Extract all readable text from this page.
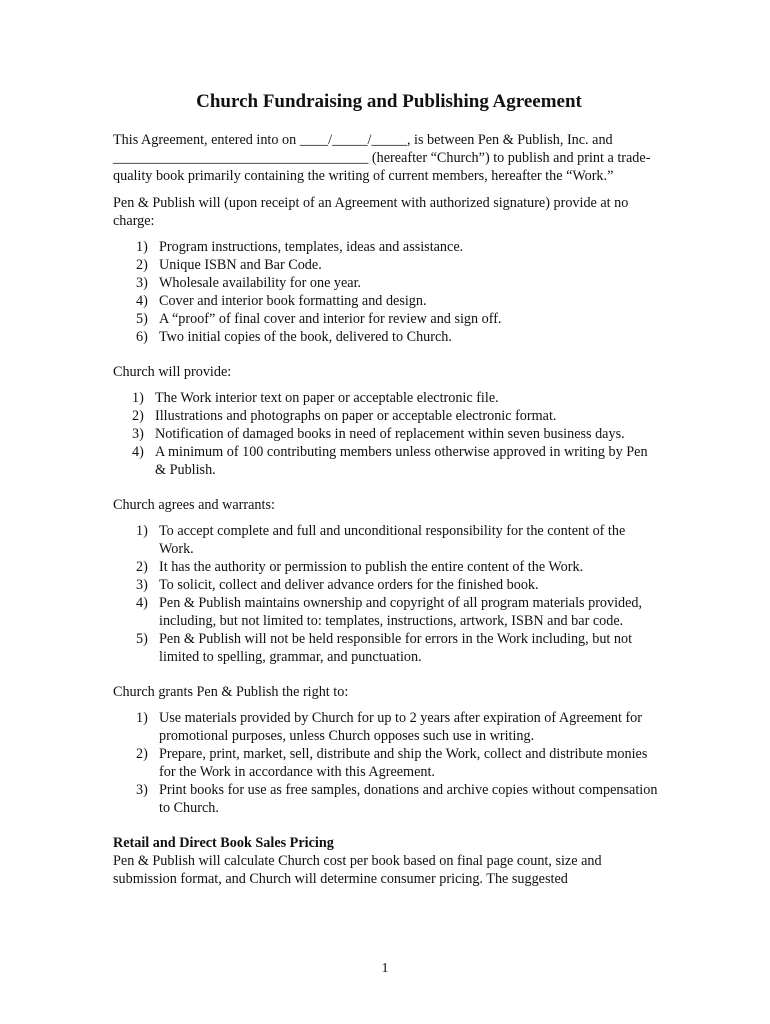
Church Fundraising and Publishing Agreement

This Agreement, entered into on ____/_____/_____, is between Pen & Publish, Inc. and ____________________________________ (hereafter “Church”) to publish and print a trade-quality book primarily containing the writing of current members, hereafter the “Work.”

Pen & Publish will (upon receipt of an Agreement with authorized signature) provide at no charge:

1) Program instructions, templates, ideas and assistance.
2) Unique ISBN and Bar Code.
3) Wholesale availability for one year.
4) Cover and interior book formatting and design.
5) A “proof” of final cover and interior for review and sign off.
6) Two initial copies of the book, delivered to Church.

Church will provide:

1) The Work interior text on paper or acceptable electronic file.
2) Illustrations and photographs on paper or acceptable electronic format.
3) Notification of damaged books in need of replacement within seven business days.
4) A minimum of 100 contributing members unless otherwise approved in writing by Pen & Publish.

Church agrees and warrants:

1) To accept complete and full and unconditional responsibility for the content of the Work.
2) It has the authority or permission to publish the entire content of the Work.
3) To solicit, collect and deliver advance orders for the finished book.
4) Pen & Publish maintains ownership and copyright of all program materials provided, including, but not limited to: templates, instructions, artwork, ISBN and bar code.
5) Pen & Publish will not be held responsible for errors in the Work including, but not limited to spelling, grammar, and punctuation.

Church grants Pen & Publish the right to:

1) Use materials provided by Church for up to 2 years after expiration of Agreement for promotional purposes, unless Church opposes such use in writing.
2) Prepare, print, market, sell, distribute and ship the Work, collect and distribute monies for the Work in accordance with this Agreement.
3) Print books for use as free samples, donations and archive copies without compensation to Church.

Retail and Direct Book Sales Pricing

Pen & Publish will calculate Church cost per book based on final page count, size and submission format, and Church will determine consumer pricing. The suggested

1
